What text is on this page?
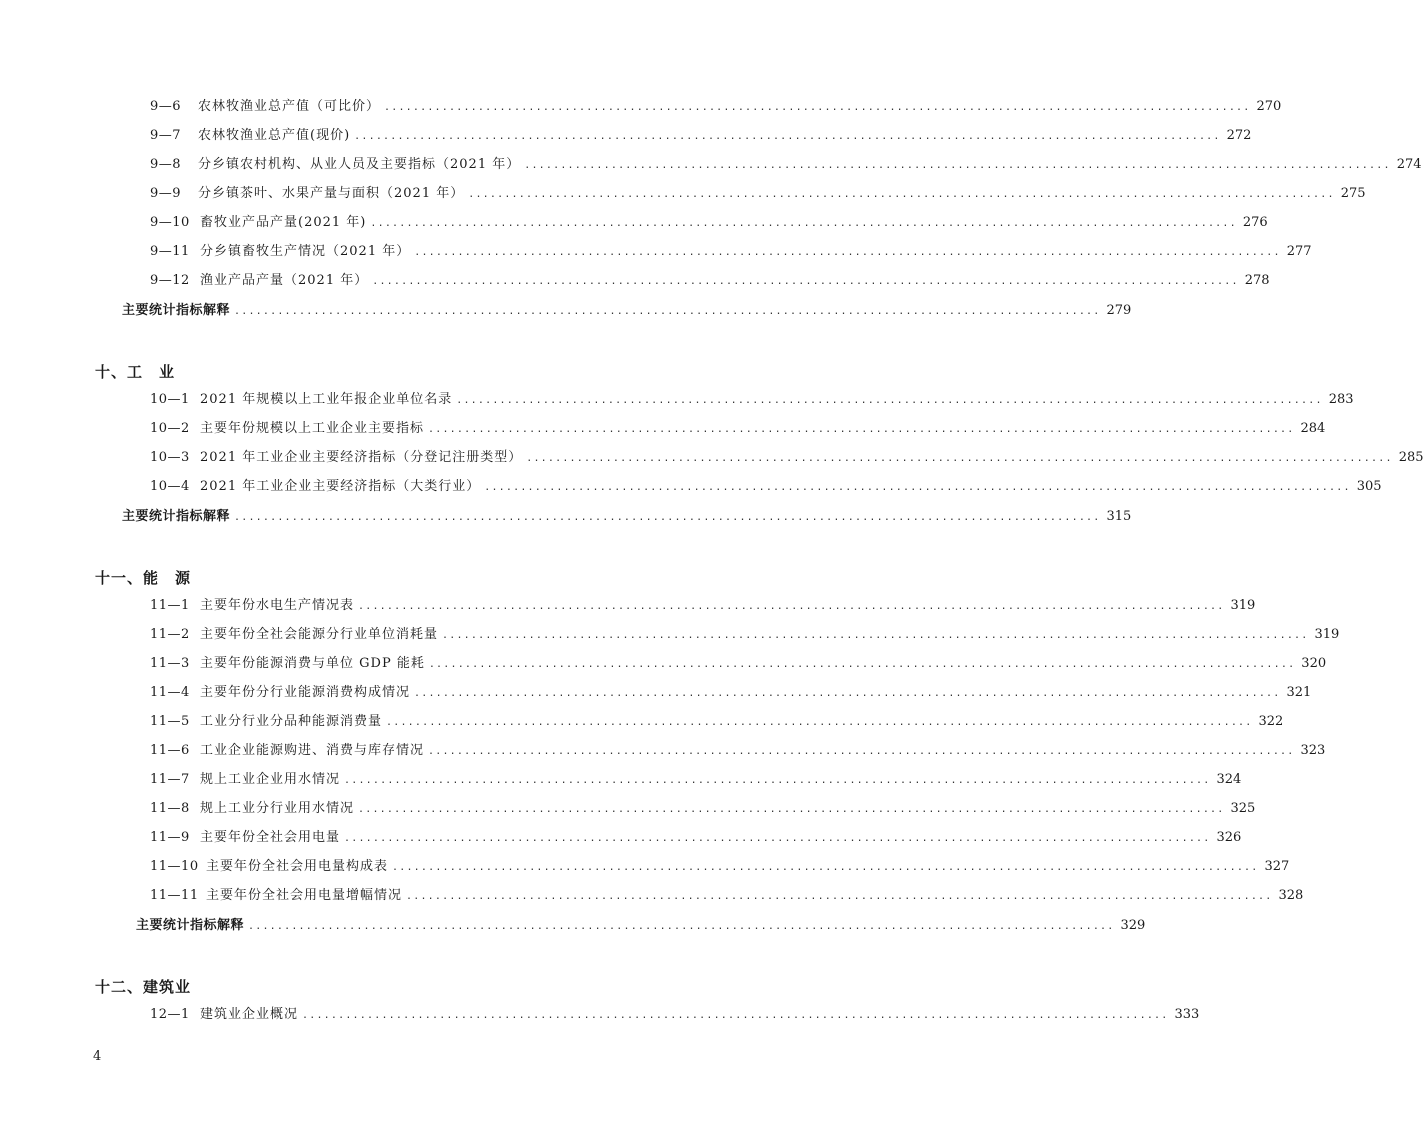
9—6	农林牧渔业总产值（可比价） ........................................................................................................................ 270
9—7	农林牧渔业总产值(现价) ........................................................................................................................ 272
9—8	分乡镇农村机构、从业人员及主要指标（2021 年） ........................................................................................................................ 274
9—9	分乡镇茶叶、水果产量与面积（2021 年） ........................................................................................................................ 275
9—10 畜牧业产品产量(2021 年) ........................................................................................................................ 276
9—11 分乡镇畜牧生产情况（2021 年） ........................................................................................................................ 277
9—12 渔业产品产量（2021 年） ........................................................................................................................ 278
主要统计指标解释 ........................................................................................................................ 279
十、工　业
10—1 2021 年规模以上工业年报企业单位名录 ........................................................................................................................ 283
10—2 主要年份规模以上工业企业主要指标 ........................................................................................................................ 284
10—3 2021 年工业企业主要经济指标（分登记注册类型） ........................................................................................................................ 285
10—4 2021 年工业企业主要经济指标（大类行业） ........................................................................................................................ 305
主要统计指标解释 ........................................................................................................................ 315
十一、能　源
11—1 主要年份水电生产情况表 ........................................................................................................................ 319
11—2 主要年份全社会能源分行业单位消耗量 ........................................................................................................................ 319
11—3 主要年份能源消费与单位 GDP 能耗 ........................................................................................................................ 320
11—4 主要年份分行业能源消费构成情况 ........................................................................................................................ 321
11—5 工业分行业分品种能源消费量 ........................................................................................................................ 322
11—6 工业企业能源购进、消费与库存情况 ........................................................................................................................ 323
11—7 规上工业企业用水情况 ........................................................................................................................ 324
11—8 规上工业分行业用水情况 ........................................................................................................................ 325
11—9 主要年份全社会用电量 ........................................................................................................................ 326
11—10 主要年份全社会用电量构成表 ........................................................................................................................ 327
11—11 主要年份全社会用电量增幅情况 ........................................................................................................................ 328
主要统计指标解释 ........................................................................................................................ 329
十二、建筑业
12—1 建筑业企业概况 ........................................................................................................................ 333
4
